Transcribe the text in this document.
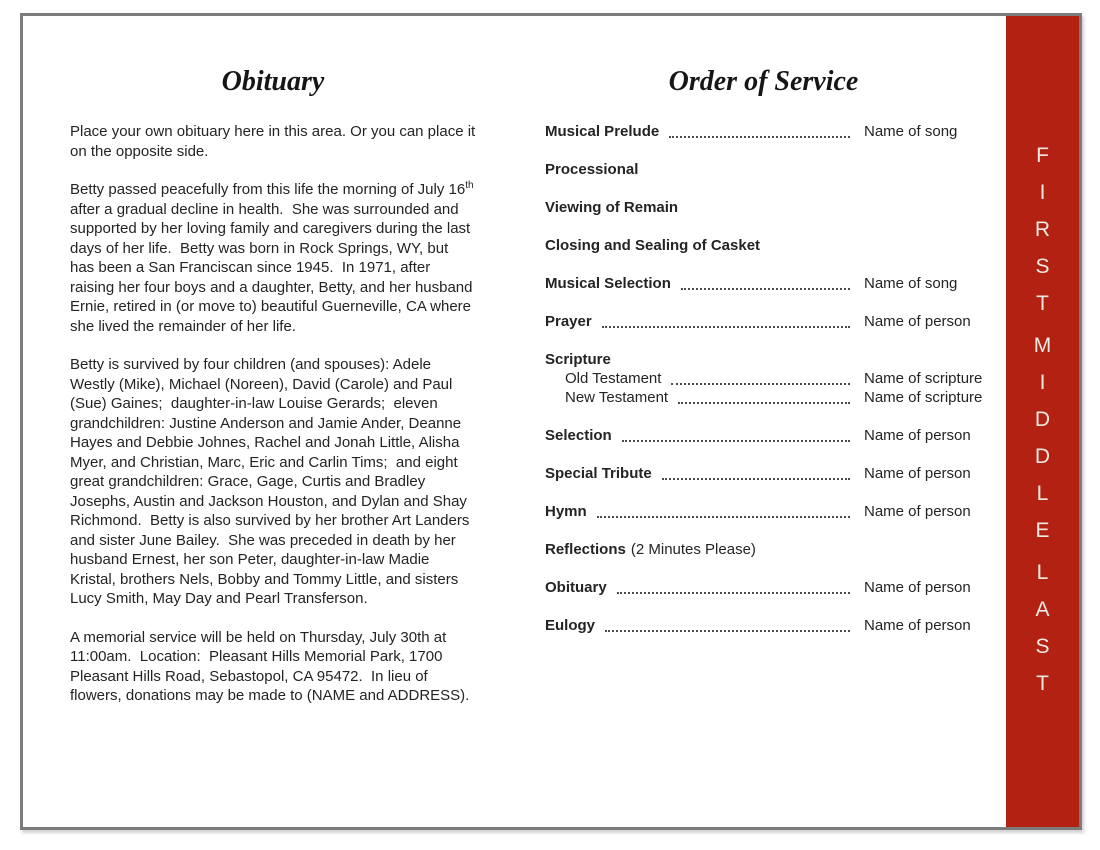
Obituary

Place your own obituary here in this area. Or you can place it on the opposite side.

Betty passed peacefully from this life the morning of July 16th after a gradual decline in health.  She was surrounded and supported by her loving family and caregivers during the last days of her life.  Betty was born in Rock Springs, WY, but has been a San Franciscan since 1945.  In 1971, after raising her four boys and a daughter, Betty, and her husband Ernie, retired in (or move to) beautiful Guerneville, CA where she lived the remainder of her life.

Betty is survived by four children (and spouses): Adele Westly (Mike), Michael (Noreen), David (Carole) and Paul (Sue) Gaines;  daughter-in-law Louise Gerards;  eleven grandchildren: Justine Anderson and Jamie Ander, Deanne Hayes and Debbie Johnes, Rachel and Jonah Little, Alisha Myer, and Christian, Marc, Eric and Carlin Tims;  and eight great grandchildren: Grace, Gage, Curtis and Bradley Josephs, Austin and Jackson Houston, and Dylan and Shay Richmond.  Betty is also survived by her brother Art Landers and sister June Bailey.  She was preceded in death by her husband Ernest, her son Peter, daughter-in-law Madie Kristal, brothers Nels, Bobby and Tommy Little, and sisters Lucy Smith, May Day and Pearl Transferson.

A memorial service will be held on Thursday, July 30th at 11:00am.  Location:  Pleasant Hills Memorial Park, 1700 Pleasant Hills Road, Sebastopol, CA 95472.  In lieu of flowers, donations may be made to (NAME and ADDRESS).

Order of Service
Musical Prelude	Name of song
Processional
Viewing of Remain
Closing and Sealing of Casket
Musical Selection	Name of song
Prayer	Name of person
Scripture
Old Testament	Name of scripture
New Testament	Name of scripture
Selection	Name of person
Special Tribute	Name of person
Hymn	Name of person
Reflections (2 Minutes Please)
Obituary	Name of person
Eulogy	Name of person
F
I
R
S
T
M
I
D
D
L
E
L
A
S
T
